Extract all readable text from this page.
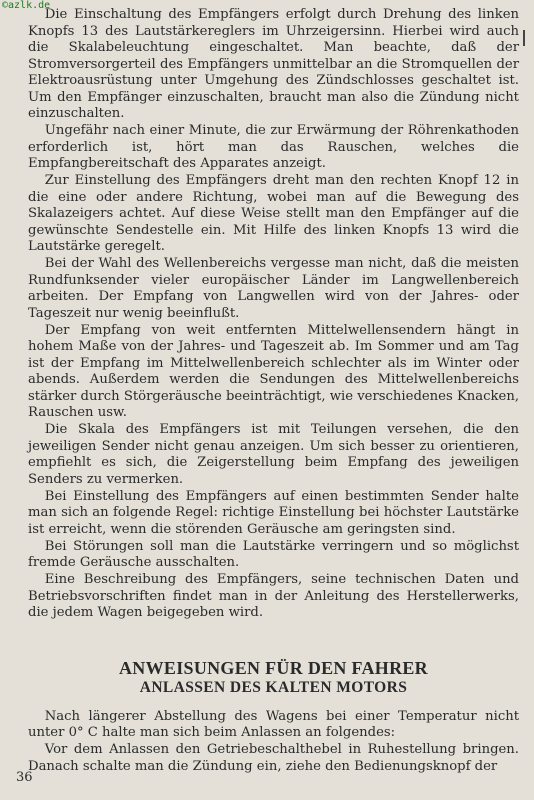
©azlk.de

Die Einschaltung des Empfängers erfolgt durch Drehung des linken Knopfs 13 des Lautstärkereglers im Uhrzeigersinn. Hierbei wird auch die Skalabeleuchtung eingeschaltet. Man beachte, daß der Stromversorgerteil des Empfängers unmittelbar an die Stromquellen der Elektroausrüstung unter Umgehung des Zündschlosses geschaltet ist. Um den Empfänger einzuschalten, braucht man also die Zündung nicht einzuschalten.

Ungefähr nach einer Minute, die zur Erwärmung der Röhrenkathoden erforderlich ist, hört man das Rauschen, welches die Empfangbereitschaft des Apparates anzeigt.

Zur Einstellung des Empfängers dreht man den rechten Knopf 12 in die eine oder andere Richtung, wobei man auf die Bewegung des Skalazeigers achtet. Auf diese Weise stellt man den Empfänger auf die gewünschte Sendestelle ein. Mit Hilfe des linken Knopfs 13 wird die Lautstärke geregelt.

Bei der Wahl des Wellenbereichs vergesse man nicht, daß die meisten Rundfunksender vieler europäischer Länder im Langwellenbereich arbeiten. Der Empfang von Langwellen wird von der Jahres- oder Tageszeit nur wenig beeinflußt.

Der Empfang von weit entfernten Mittelwellensendern hängt in hohem Maße von der Jahres- und Tageszeit ab. Im Sommer und am Tag ist der Empfang im Mittelwellenbereich schlechter als im Winter oder abends. Außerdem werden die Sendungen des Mittelwellenbereichs stärker durch Störgeräusche beeinträchtigt, wie verschiedenes Knacken, Rauschen usw.

Die Skala des Empfängers ist mit Teilungen versehen, die den jeweiligen Sender nicht genau anzeigen. Um sich besser zu orientieren, empfiehlt es sich, die Zeigerstellung beim Empfang des jeweiligen Senders zu vermerken.

Bei Einstellung des Empfängers auf einen bestimmten Sender halte man sich an folgende Regel: richtige Einstellung bei höchster Lautstärke ist erreicht, wenn die störenden Geräusche am geringsten sind.

Bei Störungen soll man die Lautstärke verringern und so möglichst fremde Geräusche ausschalten.

Eine Beschreibung des Empfängers, seine technischen Daten und Betriebsvorschriften findet man in der Anleitung des Herstellerwerks, die jedem Wagen beigegeben wird.

ANWEISUNGEN FÜR DEN FAHRER
ANLASSEN DES KALTEN MOTORS

Nach längerer Abstellung des Wagens bei einer Temperatur nicht unter 0° C halte man sich beim Anlassen an folgendes:

Vor dem Anlassen den Getriebeschalthebel in Ruhestellung bringen. Danach schalte man die Zündung ein, ziehe den Bedienungsknopf der

36
